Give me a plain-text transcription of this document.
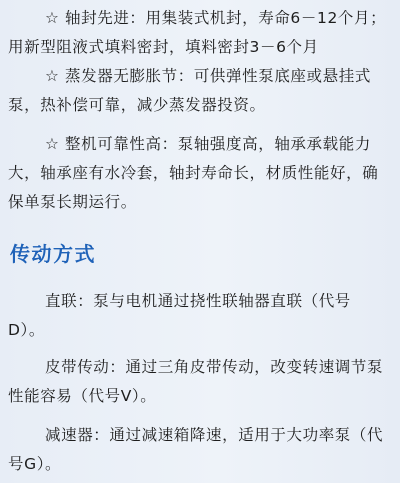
☆ 轴封先进：用集装式机封，寿命6－12个月；
用新型阻液式填料密封，填料密封3－6个月
☆ 蒸发器无膨胀节：可供弹性泵底座或悬挂式
泵，热补偿可靠，减少蒸发器投资。
☆ 整机可靠性高：泵轴强度高，轴承承载能力
大，轴承座有水冷套，轴封寿命长，材质性能好，确
保单泵长期运行。
传动方式
直联：泵与电机通过挠性联轴器直联（代号
D）。
皮带传动：通过三角皮带传动，改变转速调节泵
性能容易（代号V）。
减速器：通过减速箱降速，适用于大功率泵（代
号G）。
